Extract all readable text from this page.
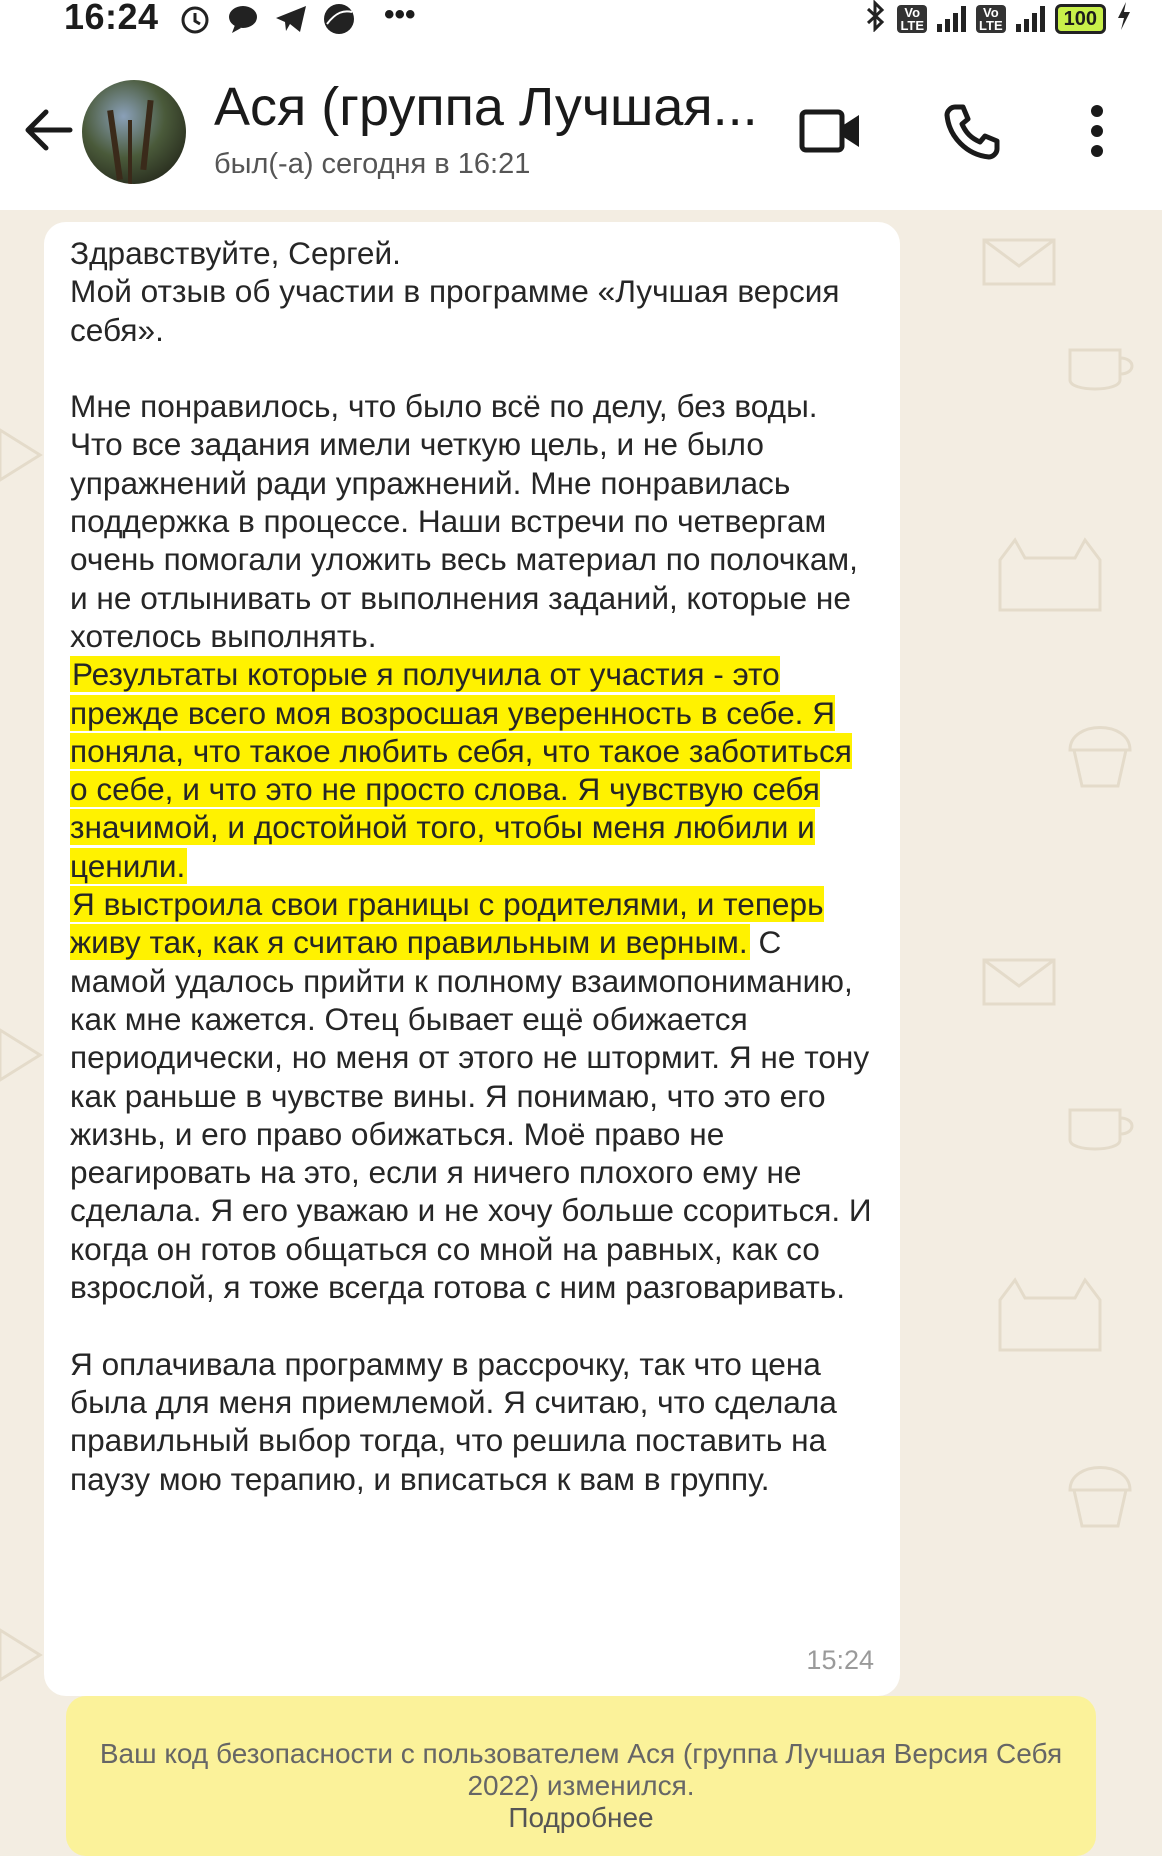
16:24	•••	Vo
LTE
Vo
LTE	100
Ася (группа Лучшая...
был(-а) сегодня в 16:21

Здравствуйте, Сергей.

Мой отзыв об участии в программе «Лучшая версия себя».

Мне понравилось, что было всё по делу, без воды. Что все задания имели четкую цель, и не было упражнений ради упражнений. Мне понравилась поддержка в процессе. Наши встречи по четвергам очень помогали уложить весь материал по полочкам, и не отлынивать от выполнения заданий, которые не хотелось выполнять.

Результаты которые я получила от участия - это прежде всего моя возросшая уверенность в себе. Я поняла, что такое любить себя, что такое заботиться о себе, и что это не просто слова. Я чувствую себя значимой, и достойной того, чтобы меня любили и ценили.

Я выстроила свои границы с родителями, и теперь живу так, как я считаю правильным и верным. С мамой удалось прийти к полному взаимопониманию, как мне кажется. Отец бывает ещё обижается периодически, но меня от этого не штормит. Я не тону как раньше в чувстве вины. Я понимаю, что это его жизнь, и его право обижаться. Моё право не реагировать на это, если я ничего плохого ему не сделала. Я его уважаю и не хочу больше ссориться. И когда он готов общаться со мной на равных, как со взрослой, я тоже всегда готова с ним разговаривать.

Я оплачивала программу в рассрочку, так что цена была для меня приемлемой. Я считаю, что сделала правильный выбор тогда, что решила поставить на паузу мою терапию, и вписаться к вам в группу.

15:24
Ваш код безопасности с пользователем Ася (группа Лучшая Версия Себя 2022) изменился.
Подробнее
